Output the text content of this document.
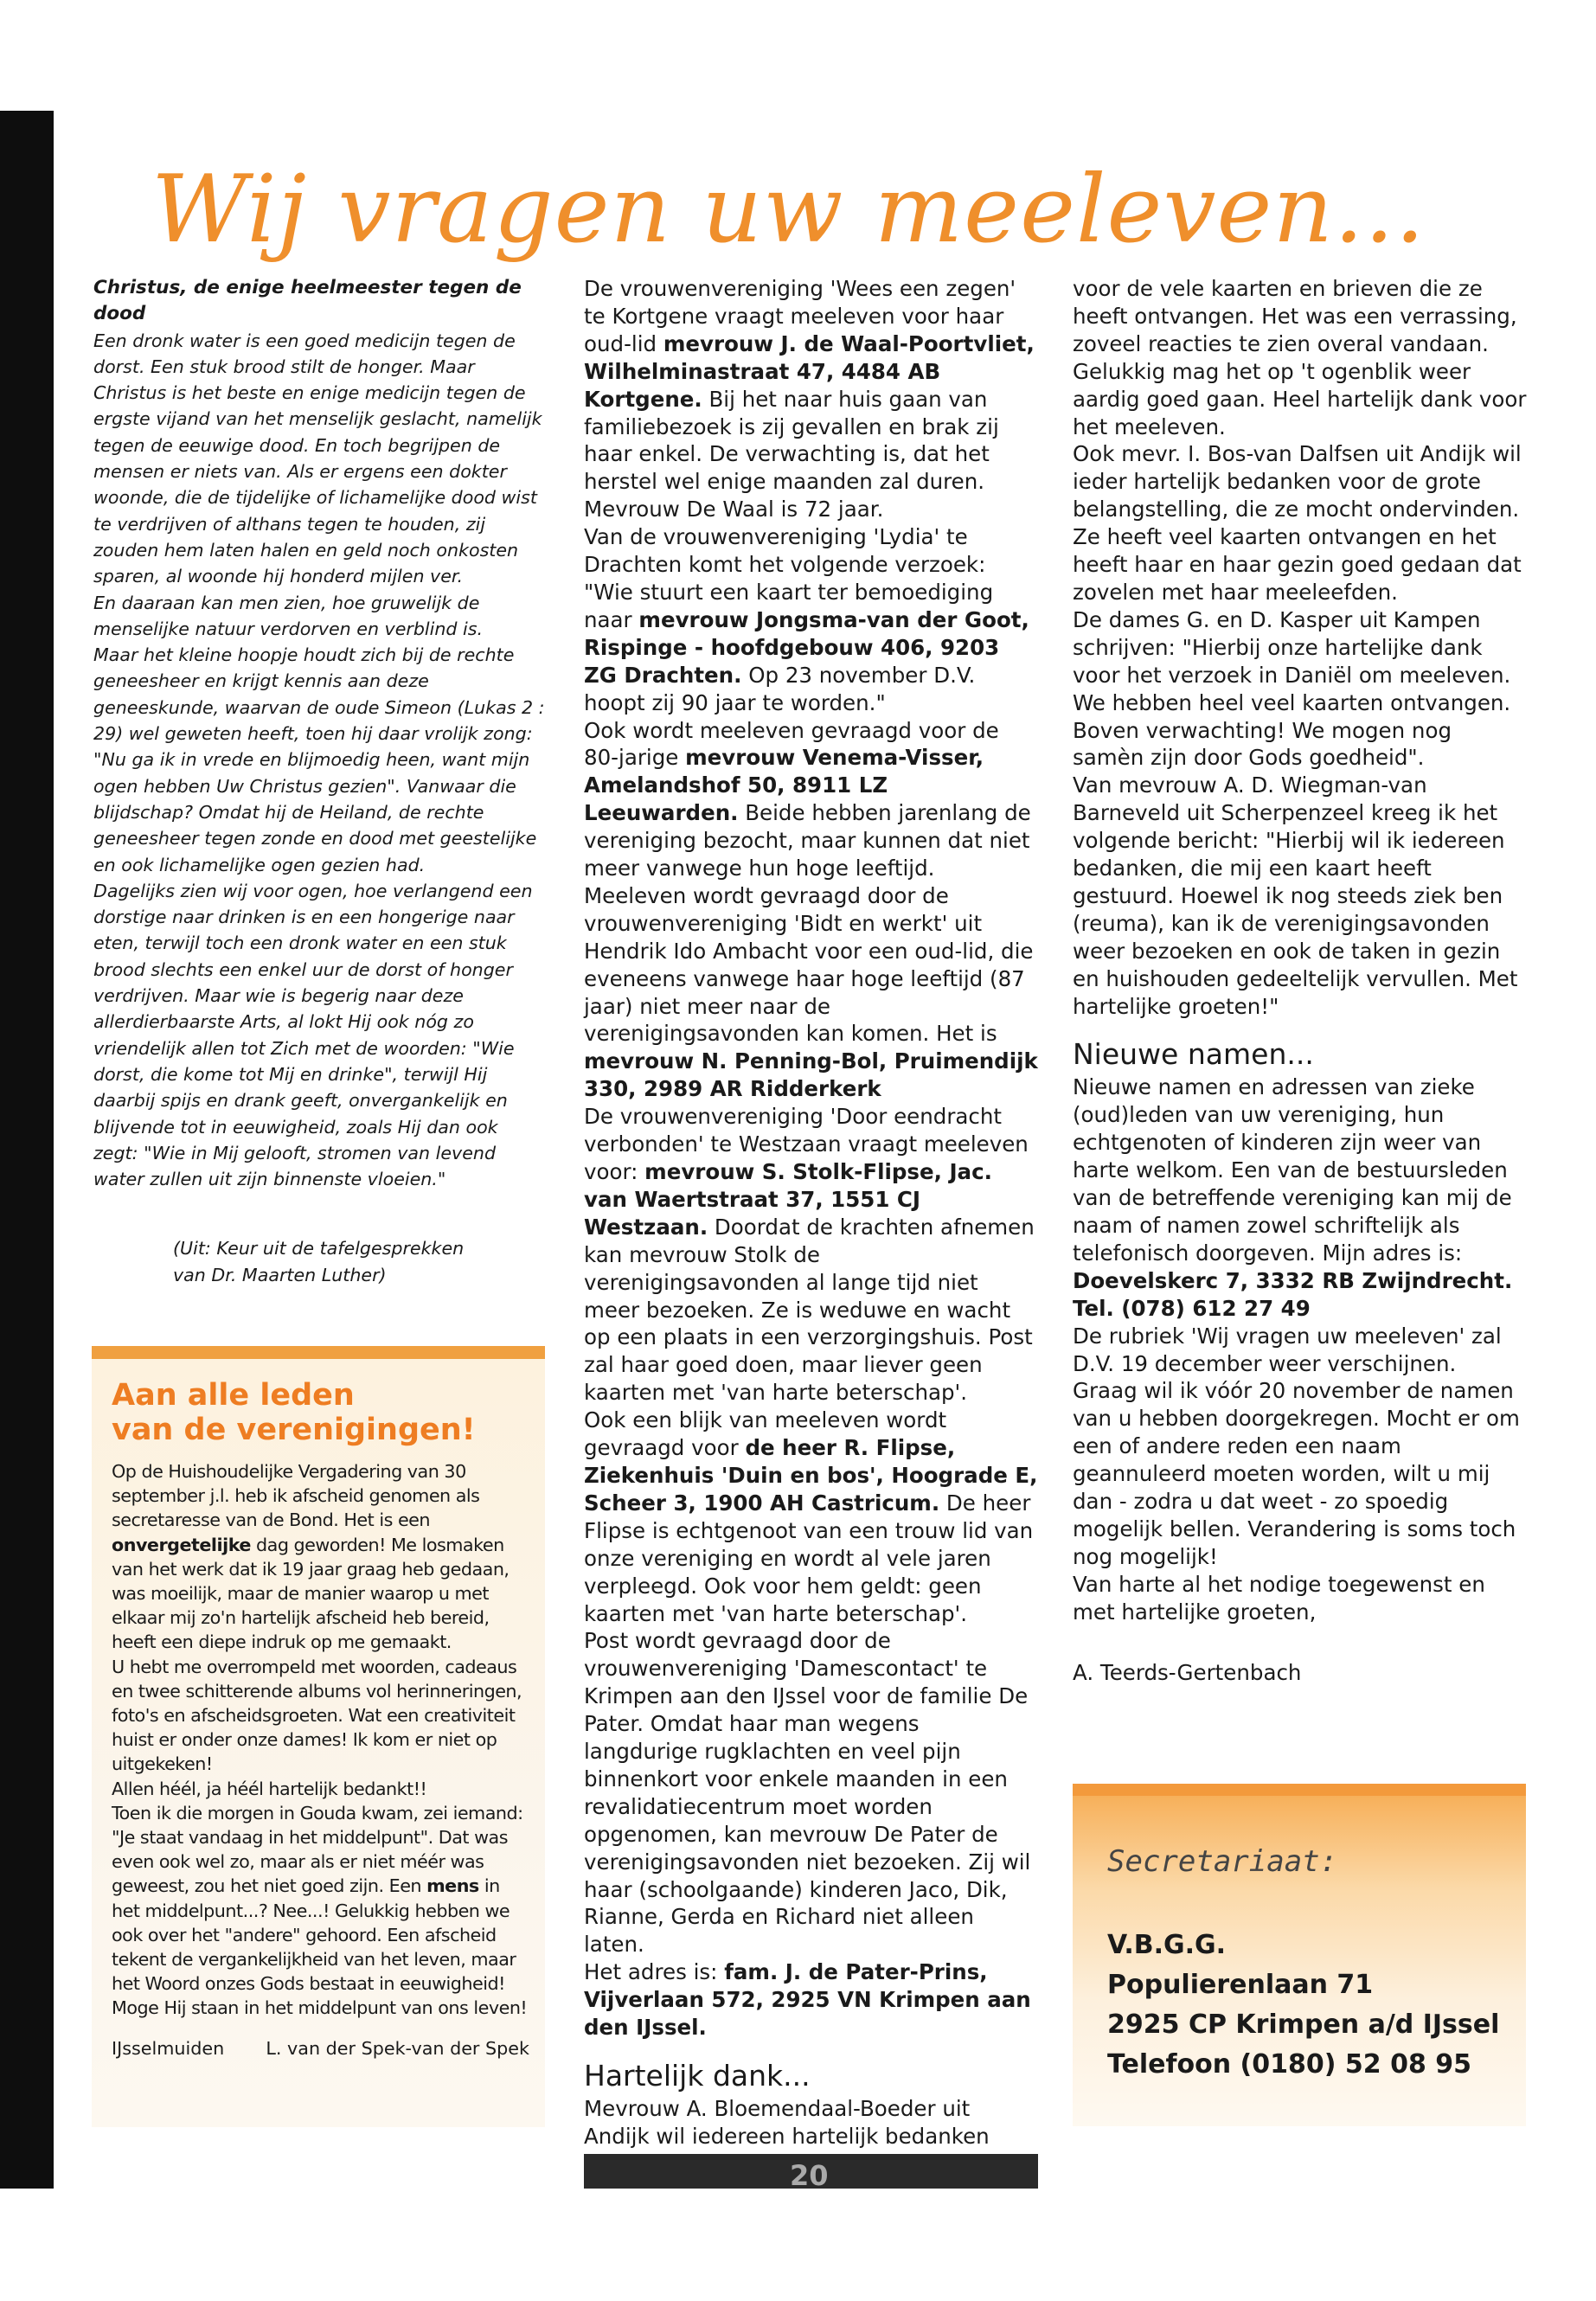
Wij vragen uw meeleven...

Christus, de enige heelmeester tegen de dood

Een dronk water is een goed medicijn tegen de dorst. Een stuk brood stilt de honger. Maar Christus is het beste en enige medicijn tegen de ergste vijand van het menselijk geslacht, namelijk tegen de eeuwige dood. En toch begrijpen de mensen er niets van. Als er ergens een dokter woonde, die de tijdelijke of lichamelijke dood wist te verdrijven of althans tegen te houden, zij zouden hem laten halen en geld noch onkosten sparen, al woonde hij honderd mijlen ver.

En daaraan kan men zien, hoe gruwelijk de menselijke natuur verdorven en verblind is.

Maar het kleine hoopje houdt zich bij de rechte geneesheer en krijgt kennis aan deze geneeskunde, waarvan de oude Simeon (Lukas 2 : 29) wel geweten heeft, toen hij daar vrolijk zong: "Nu ga ik in vrede en blijmoedig heen, want mijn ogen hebben Uw Christus gezien". Vanwaar die blijdschap? Omdat hij de Heiland, de rechte geneesheer tegen zonde en dood met geestelijke en ook lichamelijke ogen gezien had.

Dagelijks zien wij voor ogen, hoe verlangend een dorstige naar drinken is en een hongerige naar eten, terwijl toch een dronk water en een stuk brood slechts een enkel uur de dorst of honger verdrijven. Maar wie is begerig naar deze allerdierbaarste Arts, al lokt Hij ook nóg zo vriendelijk allen tot Zich met de woorden: "Wie dorst, die kome tot Mij en drinke", terwijl Hij daarbij spijs en drank geeft, onvergankelijk en blijvende tot in eeuwigheid, zoals Hij dan ook zegt: "Wie in Mij gelooft, stromen van levend water zullen uit zijn binnenste vloeien."

(Uit: Keur uit de tafelgesprekken
van Dr. Maarten Luther)

Aan alle leden
van de verenigingen!

Op de Huishoudelijke Vergadering van 30 september j.l. heb ik afscheid genomen als secretaresse van de Bond. Het is een onvergetelijke dag geworden! Me losmaken van het werk dat ik 19 jaar graag heb gedaan, was moeilijk, maar de manier waarop u met elkaar mij zo'n hartelijk afscheid heb bereid, heeft een diepe indruk op me gemaakt.

U hebt me overrompeld met woorden, cadeaus en twee schitterende albums vol herinneringen, foto's en afscheidsgroeten. Wat een creativiteit huist er onder onze dames! Ik kom er niet op uitgekeken!

Allen héél, ja héél hartelijk bedankt!!

Toen ik die morgen in Gouda kwam, zei iemand: "Je staat vandaag in het middelpunt". Dat was even ook wel zo, maar als er niet méér was geweest, zou het niet goed zijn. Een mens in het middelpunt...? Nee...! Gelukkig hebben we ook over het "andere" gehoord. Een afscheid tekent de vergankelijkheid van het leven, maar het Woord onzes Gods bestaat in eeuwigheid! Moge Hij staan in het middelpunt van ons leven!

IJsselmuiden L. van der Spek-van der Spek

De vrouwenvereniging 'Wees een zegen' te Kortgene vraagt meeleven voor haar oud-lid mevrouw J. de Waal-Poortvliet, Wilhelminastraat 47, 4484 AB Kortgene. Bij het naar huis gaan van familiebezoek is zij gevallen en brak zij haar enkel. De verwachting is, dat het herstel wel enige maanden zal duren. Mevrouw De Waal is 72 jaar.

Van de vrouwenvereniging 'Lydia' te Drachten komt het volgende verzoek: "Wie stuurt een kaart ter bemoediging naar mevrouw Jongsma-van der Goot, Rispinge - hoofdgebouw 406, 9203 ZG Drachten. Op 23 november D.V. hoopt zij 90 jaar te worden."

Ook wordt meeleven gevraagd voor de 80-jarige mevrouw Venema-Visser, Amelandshof 50, 8911 LZ Leeuwarden. Beide hebben jarenlang de vereniging bezocht, maar kunnen dat niet meer vanwege hun hoge leeftijd.

Meeleven wordt gevraagd door de vrouwenvereniging 'Bidt en werkt' uit Hendrik Ido Ambacht voor een oud-lid, die eveneens vanwege haar hoge leeftijd (87 jaar) niet meer naar de verenigingsavonden kan komen. Het is mevrouw N. Penning-Bol, Pruimendijk 330, 2989 AR Ridderkerk

De vrouwenvereniging 'Door eendracht verbonden' te Westzaan vraagt meeleven voor: mevrouw S. Stolk-Flipse, Jac. van Waertstraat 37, 1551 CJ Westzaan. Doordat de krachten afnemen kan mevrouw Stolk de verenigingsavonden al lange tijd niet meer bezoeken. Ze is weduwe en wacht op een plaats in een verzorgingshuis. Post zal haar goed doen, maar liever geen kaarten met 'van harte beterschap'.

Ook een blijk van meeleven wordt gevraagd voor de heer R. Flipse, Ziekenhuis 'Duin en bos', Hoograde E, Scheer 3, 1900 AH Castricum. De heer Flipse is echtgenoot van een trouw lid van onze vereniging en wordt al vele jaren verpleegd. Ook voor hem geldt: geen kaarten met 'van harte beterschap'.

Post wordt gevraagd door de vrouwenvereniging 'Damescontact' te Krimpen aan den IJssel voor de familie De Pater. Omdat haar man wegens langdurige rugklachten en veel pijn binnenkort voor enkele maanden in een revalidatiecentrum moet worden opgenomen, kan mevrouw De Pater de verenigingsavonden niet bezoeken. Zij wil haar (schoolgaande) kinderen Jaco, Dik, Rianne, Gerda en Richard niet alleen laten.

Het adres is: fam. J. de Pater-Prins, Vijverlaan 572, 2925 VN Krimpen aan den IJssel.

Hartelijk dank...

Mevrouw A. Bloemendaal-Boeder uit Andijk wil iedereen hartelijk bedanken

voor de vele kaarten en brieven die ze heeft ontvangen. Het was een verrassing, zoveel reacties te zien overal vandaan. Gelukkig mag het op 't ogenblik weer aardig goed gaan. Heel hartelijk dank voor het meeleven.

Ook mevr. I. Bos-van Dalfsen uit Andijk wil ieder hartelijk bedanken voor de grote belangstelling, die ze mocht ondervinden. Ze heeft veel kaarten ontvangen en het heeft haar en haar gezin goed gedaan dat zovelen met haar meeleefden.

De dames G. en D. Kasper uit Kampen schrijven: "Hierbij onze hartelijke dank voor het verzoek in Daniël om meeleven. We hebben heel veel kaarten ontvangen. Boven verwachting! We mogen nog samèn zijn door Gods goedheid".

Van mevrouw A. D. Wiegman-van Barneveld uit Scherpenzeel kreeg ik het volgende bericht: "Hierbij wil ik iedereen bedanken, die mij een kaart heeft gestuurd. Hoewel ik nog steeds ziek ben (reuma), kan ik de verenigingsavonden weer bezoeken en ook de taken in gezin en huishouden gedeeltelijk vervullen. Met hartelijke groeten!"

Nieuwe namen...

Nieuwe namen en adressen van zieke (oud)leden van uw vereniging, hun echtgenoten of kinderen zijn weer van harte welkom. Een van de bestuursleden van de betreffende vereniging kan mij de naam of namen zowel schriftelijk als telefonisch doorgeven. Mijn adres is: Doevelskerc 7, 3332 RB Zwijndrecht. Tel. (078) 612 27 49

De rubriek 'Wij vragen uw meeleven' zal D.V. 19 december weer verschijnen. Graag wil ik vóór 20 november de namen van u hebben doorgekregen. Mocht er om een of andere reden een naam geannuleerd moeten worden, wilt u mij dan - zodra u dat weet - zo spoedig mogelijk bellen. Verandering is soms toch nog mogelijk!

Van harte al het nodige toegewenst en met hartelijke groeten,

A. Teerds-Gertenbach

Secretariaat:

V.B.G.G.

Populierenlaan 71

2925 CP Krimpen a/d IJssel

Telefoon (0180) 52 08 95

20
